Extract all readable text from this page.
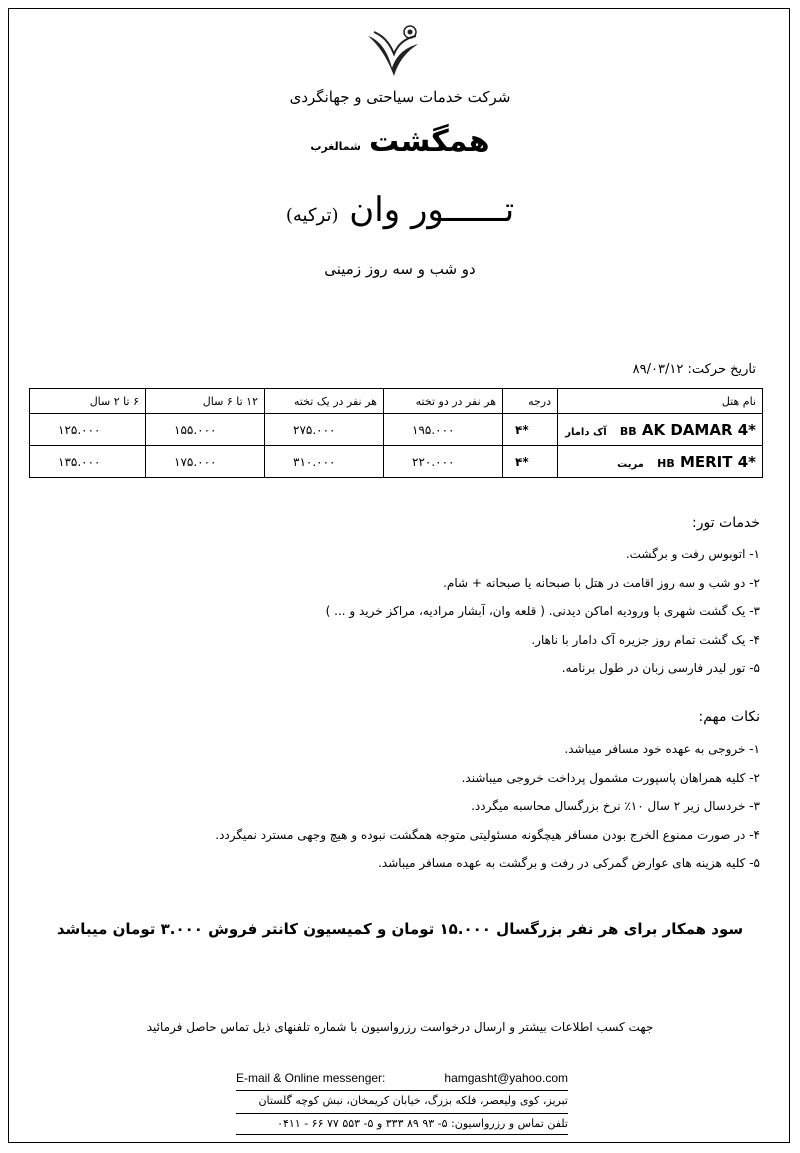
شرکت خدمات سیاحتی و جهانگردی
همگشت
شمالغرب
تــــــور وان (ترکیه)
دو شب و سه روز زمینی
تاریخ حرکت: ۸۹/۰۳/۱۲
نام هتل	درجه	هر نفر در دو تخته	هر نفر در یک تخته	۱۲ تا ۶ سال	۶ تا ۲ سال
AK DAMAR 4* BB آک دامار	*۴	۱۹۵.۰۰۰	۲۷۵.۰۰۰	۱۵۵.۰۰۰	۱۲۵.۰۰۰
MERIT 4* HB مریت	*۴	۲۲۰.۰۰۰	۳۱۰.۰۰۰	۱۷۵.۰۰۰	۱۳۵.۰۰۰
خدمات تور:
۱- اتوبوس رفت و برگشت.
۲- دو شب و سه روز اقامت در هتل با صبحانه یا صبحانه + شام.
۳- یک گشت شهری با ورودیه اماکن دیدنی. ( قلعه وان، آبشار مرادیه، مراکز خرید و ... )
۴- یک گشت تمام روز جزیره آک دامار با ناهار.
۵- تور لیدر فارسی زبان در طول برنامه.
نکات مهم:
۱- خروجی به عهده خود مسافر میباشد.
۲- کلیه همراهان پاسپورت مشمول پرداخت خروجی میباشند.
۳- خردسال زیر ۲ سال ۱۰٪ نرخ بزرگسال محاسبه میگردد.
۴- در صورت ممنوع الخرج بودن مسافر هیچگونه مسئولیتی متوجه همگشت نبوده و هیچ وجهی مسترد نمیگردد.
۵- کلیه هزینه های عوارض گمرکی در رفت و برگشت به عهده مسافر میباشد.
سود همکار برای هر نفر بزرگسال ۱۵.۰۰۰ تومان و کمیسیون کانتر فروش ۳.۰۰۰ تومان میباشد
جهت کسب اطلاعات بیشتر و ارسال درخواست رزرواسیون با شماره تلفنهای ذیل تماس حاصل فرمائید
E-mail & Online messenger:	hamgasht@yahoo.com
تبریز، کوی ولیعصر، فلکه بزرگ، خیابان کریمخان، نبش کوچه گلستان
تلفن تماس و رزرواسیون: ۵- ۹۳ ۸۹ ۳۳۳ و ۵- ۵۵۳ ۷۷ ۶۶ - ۰۴۱۱
